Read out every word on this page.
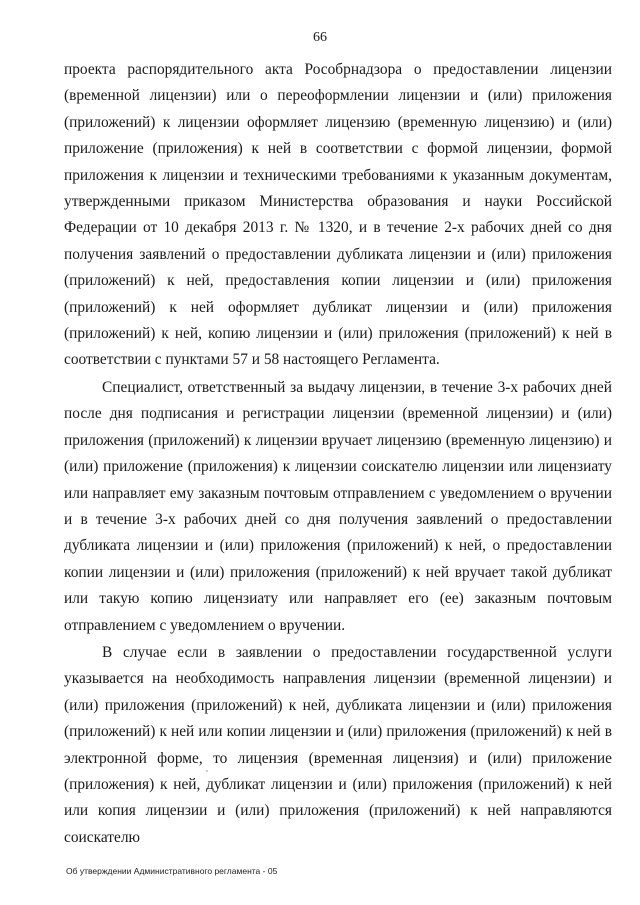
66

проекта распорядительного акта Рособрнадзора о предоставлении лицензии (временной лицензии) или о переоформлении лицензии и (или) приложения (приложений) к лицензии оформляет лицензию (временную лицензию) и (или) приложение (приложения) к ней в соответствии с формой лицензии, формой приложения к лицензии и техническими требованиями к указанным документам, утвержденными приказом Министерства образования и науки Российской Федерации от 10 декабря 2013 г. № 1320, и в течение 2-х рабочих дней со дня получения заявлений о предоставлении дубликата лицензии и (или) приложения (приложений) к ней, предоставления копии лицензии и (или) приложения (приложений) к ней оформляет дубликат лицензии и (или) приложения (приложений) к ней, копию лицензии и (или) приложения (приложений) к ней в соответствии с пунктами 57 и 58 настоящего Регламента.

Специалист, ответственный за выдачу лицензии, в течение 3-х рабочих дней после дня подписания и регистрации лицензии (временной лицензии) и (или) приложения (приложений) к лицензии вручает лицензию (временную лицензию) и (или) приложение (приложения) к лицензии соискателю лицензии или лицензиату или направляет ему заказным почтовым отправлением с уведомлением о вручении и в течение 3-х рабочих дней со дня получения заявлений о предоставлении дубликата лицензии и (или) приложения (приложений) к ней, о предоставлении копии лицензии и (или) приложения (приложений) к ней вручает такой дубликат или такую копию лицензиату или направляет его (ее) заказным почтовым отправлением с уведомлением о вручении.

В случае если в заявлении о предоставлении государственной услуги указывается на необходимость направления лицензии (временной лицензии) и (или) приложения (приложений) к ней, дубликата лицензии и (или) приложения (приложений) к ней или копии лицензии и (или) приложения (приложений) к ней в электронной форме, то лицензия (временная лицензия) и (или) приложение (приложения) к ней, дубликат лицензии и (или) приложения (приложений) к ней или копия лицензии и (или) приложения (приложений) к ней направляются соискателю

Об утверждении Административного регламента - 05
